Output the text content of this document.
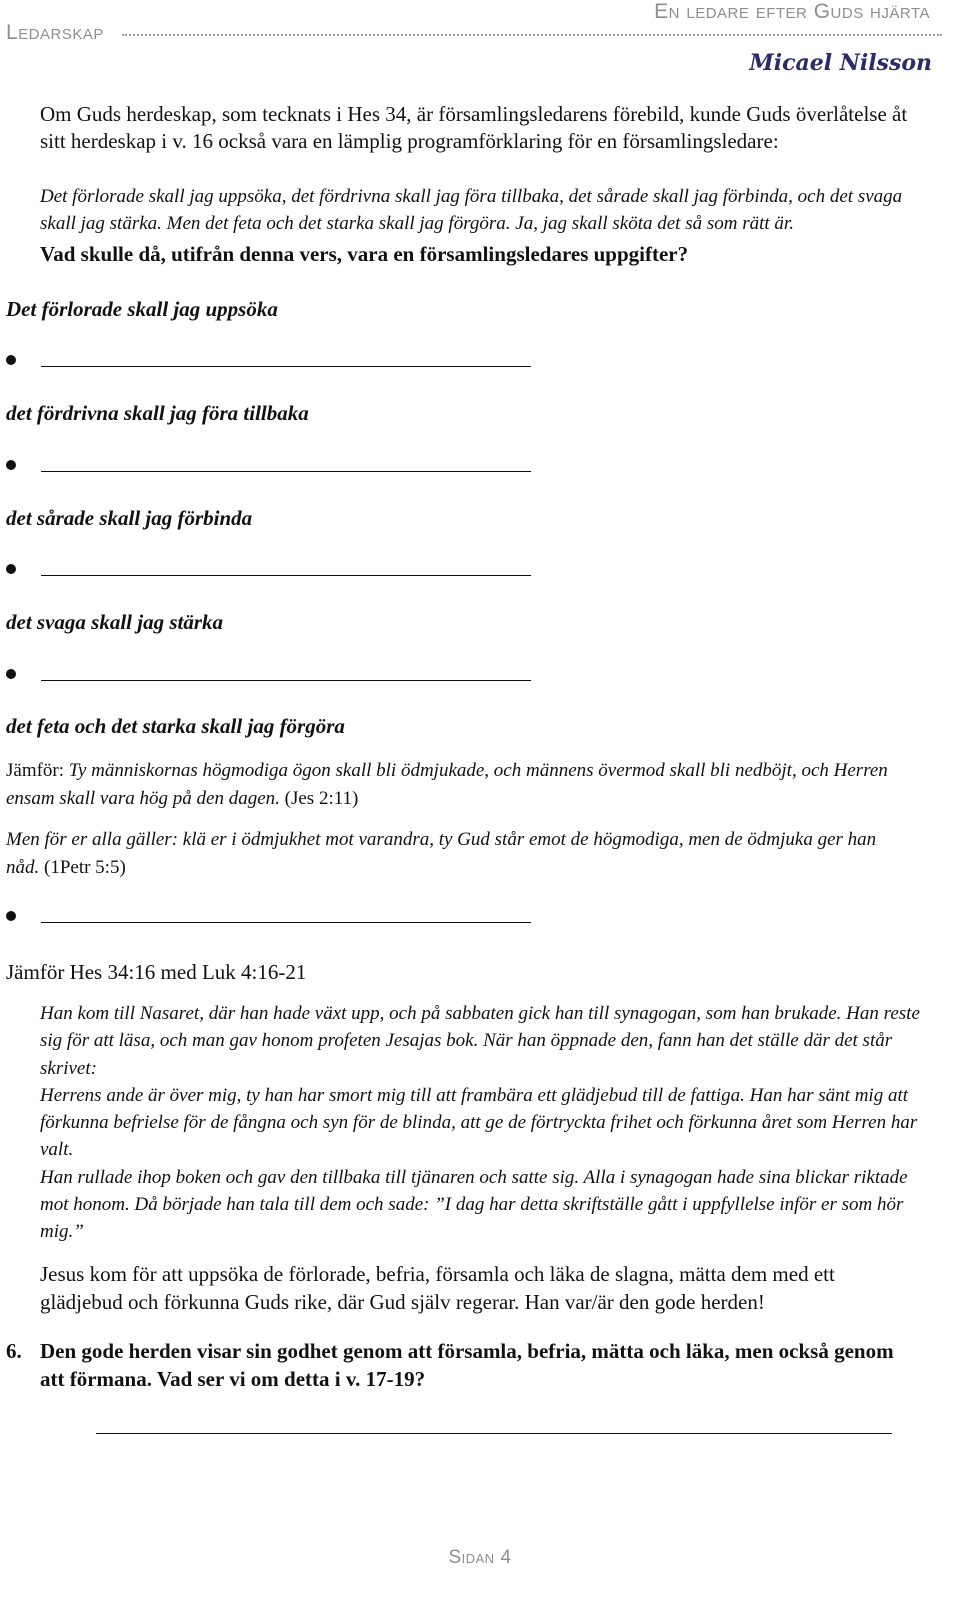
Ledarskap
En ledare efter Guds hjärta
Micael Nilsson
Om Guds herdeskap, som tecknats i Hes 34, är församlingsledarens förebild, kunde Guds överlåtelse åt sitt herdeskap i v. 16 också vara en lämplig programförklaring för en församlingsledare:
Det förlorade skall jag uppsöka, det fördrivna skall jag föra tillbaka, det sårade skall jag förbinda, och det svaga skall jag stärka. Men det feta och det starka skall jag förgöra. Ja, jag skall sköta det så som rätt är.
Vad skulle då, utifrån denna vers, vara en församlingsledares uppgifter?
Det förlorade skall jag uppsöka
det fördrivna skall jag föra tillbaka
det sårade skall jag förbinda
det svaga skall jag stärka
det feta och det starka skall jag förgöra
Jämför: Ty människornas högmodiga ögon skall bli ödmjukade, och männens övermod skall bli nedböjt, och Herren ensam skall vara hög på den dagen. (Jes 2:11)
Men för er alla gäller: klä er i ödmjukhet mot varandra, ty Gud står emot de högmodiga, men de ödmjuka ger han nåd. (1Petr 5:5)
Jämför Hes 34:16 med Luk 4:16-21
Han kom till Nasaret, där han hade växt upp, och på sabbaten gick han till synagogan, som han brukade. Han reste sig för att läsa, och man gav honom profeten Jesajas bok. När han öppnade den, fann han det ställe där det står skrivet:
Herrens ande är över mig, ty han har smort mig till att frambära ett glädjebud till de fattiga. Han har sänt mig att förkunna befrielse för de fångna och syn för de blinda, att ge de förtryckta frihet och förkunna året som Herren har valt.
Han rullade ihop boken och gav den tillbaka till tjänaren och satte sig. Alla i synagogan hade sina blickar riktade mot honom. Då började han tala till dem och sade: ”I dag har detta skriftställe gått i uppfyllelse inför er som hör mig.”
Jesus kom för att uppsöka de förlorade, befria, församla och läka de slagna, mätta dem med ett glädjebud och förkunna Guds rike, där Gud själv regerar. Han var/är den gode herden!
6. Den gode herden visar sin godhet genom att församla, befria, mätta och läka, men också genom att förmana. Vad ser vi om detta i v. 17-19?
Sidan 4
